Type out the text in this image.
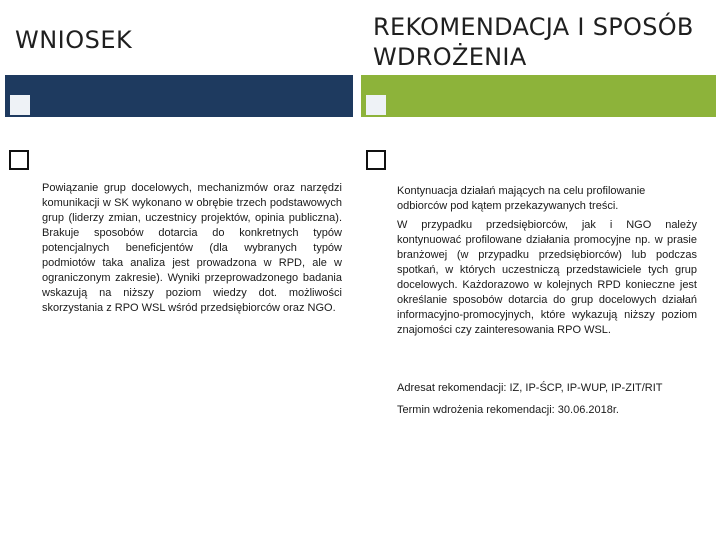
WNIOSEK	REKOMENDACJA I SPOSÓB WDROŻENIA

Powiązanie grup docelowych, mechanizmów oraz narzędzi komunikacji w SK wykonano w obrębie trzech podstawowych grup (liderzy zmian, uczestnicy projektów, opinia publiczna). Brakuje sposobów dotarcia do konkretnych typów potencjalnych beneficjentów (dla wybranych typów podmiotów taka analiza jest prowadzona w RPD, ale w ograniczonym zakresie). Wyniki przeprowadzonego badania wskazują na niższy poziom wiedzy dot. możliwości skorzystania z RPO WSL wśród przedsiębiorców oraz NGO.

Kontynuacja działań mających na celu profilowanie odbiorców pod kątem przekazywanych treści.

W przypadku przedsiębiorców, jak i NGO należy kontynuować profilowane działania promocyjne np. w prasie branżowej (w przypadku przedsiębiorców) lub podczas spotkań, w których uczestniczą przedstawiciele tych grup docelowych. Każdorazowo w kolejnych RPD konieczne jest określanie sposobów dotarcia do grup docelowych działań informacyjno-promocyjnych, które wykazują niższy poziom znajomości czy zainteresowania RPO WSL.

Adresat rekomendacji: IZ, IP-ŚCP, IP-WUP, IP-ZIT/RIT

Termin wdrożenia rekomendacji: 30.06.2018r.
